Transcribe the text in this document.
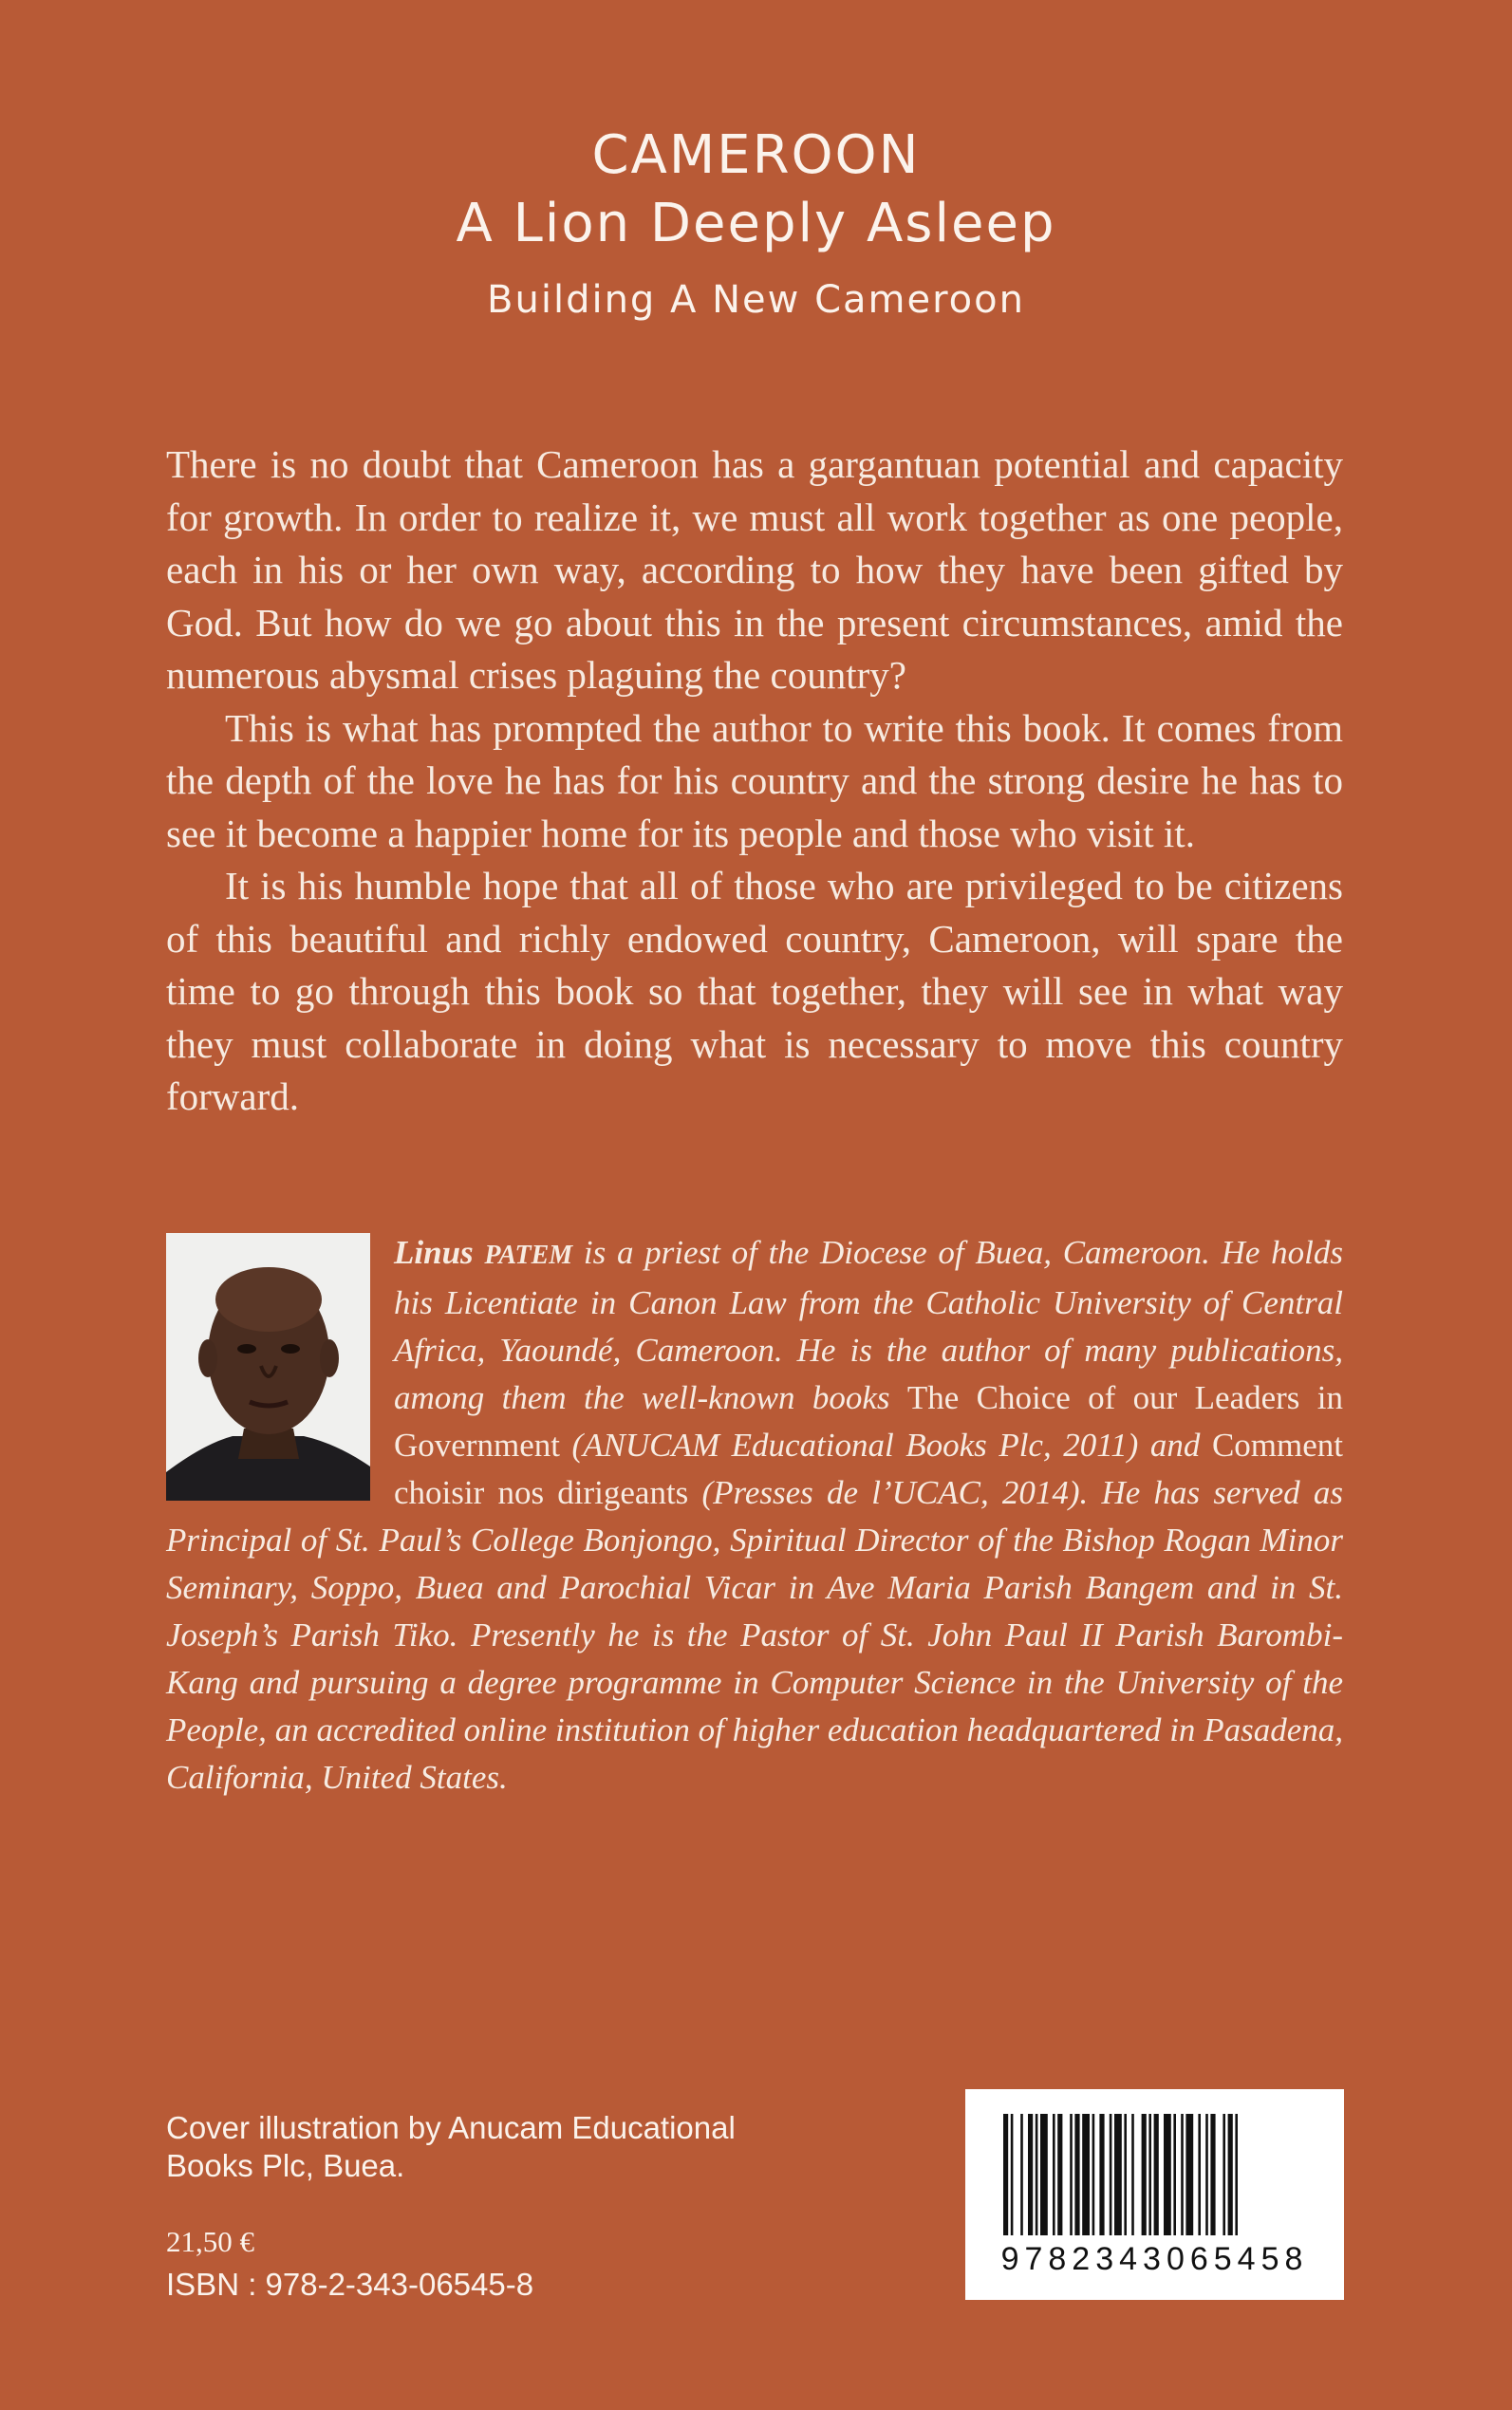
CAMEROON
A Lion Deeply Asleep
Building A New Cameroon

There is no doubt that Cameroon has a gargantuan potential and capacity for growth. In order to realize it, we must all work together as one people, each in his or her own way, according to how they have been gifted by God. But how do we go about this in the present circumstances, amid the numerous abysmal crises plaguing the country?

This is what has prompted the author to write this book. It comes from the depth of the love he has for his country and the strong desire he has to see it become a happier home for its people and those who visit it.

It is his humble hope that all of those who are privileged to be citizens of this beautiful and richly endowed country, Cameroon, will spare the time to go through this book so that together, they will see in what way they must collaborate in doing what is necessary to move this country forward.

Linus PATEM is a priest of the Diocese of Buea, Cameroon. He holds his Licentiate in Canon Law from the Catholic University of Central Africa, Yaoundé, Cameroon. He is the author of many publications, among them the well-known books The Choice of our Leaders in Government (ANUCAM Educational Books Plc, 2011) and Comment choisir nos dirigeants (Presses de l’UCAC, 2014). He has served as Principal of St. Paul’s College Bonjongo, Spiritual Director of the Bishop Rogan Minor Seminary, Soppo, Buea and Parochial Vicar in Ave Maria Parish Bangem and in St. Joseph’s Parish Tiko. Presently he is the Pastor of St. John Paul II Parish Barombi-Kang and pursuing a degree programme in Computer Science in the University of the People, an accredited online institution of higher education headquartered in Pasadena, California, United States.
Cover illustration by Anucam Educational
Books Plc, Buea.
21,50 €
ISBN : 978-2-343-06545-8
9782343065458
